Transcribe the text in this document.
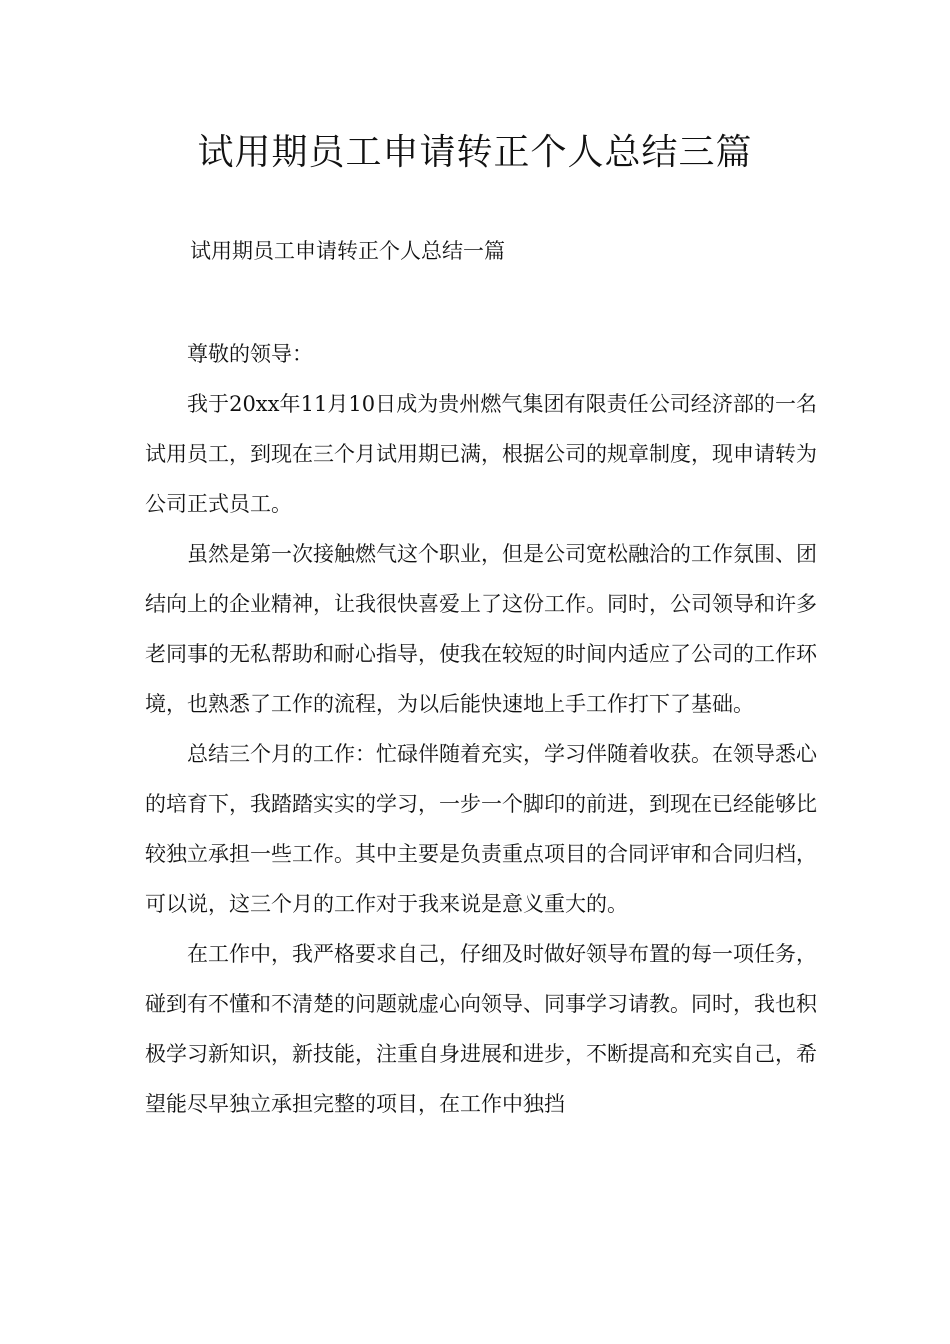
试用期员工申请转正个人总结三篇
试用期员工申请转正个人总结一篇

尊敬的领导：

我于20xx年11月10日成为贵州燃气集团有限责任公司经济部的一名试用员工，到现在三个月试用期已满，根据公司的规章制度，现申请转为公司正式员工。

虽然是第一次接触燃气这个职业，但是公司宽松融洽的工作氛围、团结向上的企业精神，让我很快喜爱上了这份工作。同时，公司领导和许多老同事的无私帮助和耐心指导，使我在较短的时间内适应了公司的工作环境，也熟悉了工作的流程，为以后能快速地上手工作打下了基础。

总结三个月的工作：忙碌伴随着充实，学习伴随着收获。在领导悉心的培育下，我踏踏实实的学习，一步一个脚印的前进，到现在已经能够比较独立承担一些工作。其中主要是负责重点项目的合同评审和合同归档，可以说，这三个月的工作对于我来说是意义重大的。

在工作中，我严格要求自己，仔细及时做好领导布置的每一项任务，碰到有不懂和不清楚的问题就虚心向领导、同事学习请教。同时，我也积极学习新知识，新技能，注重自身进展和进步，不断提高和充实自己，希望能尽早独立承担完整的项目，在工作中独挡
